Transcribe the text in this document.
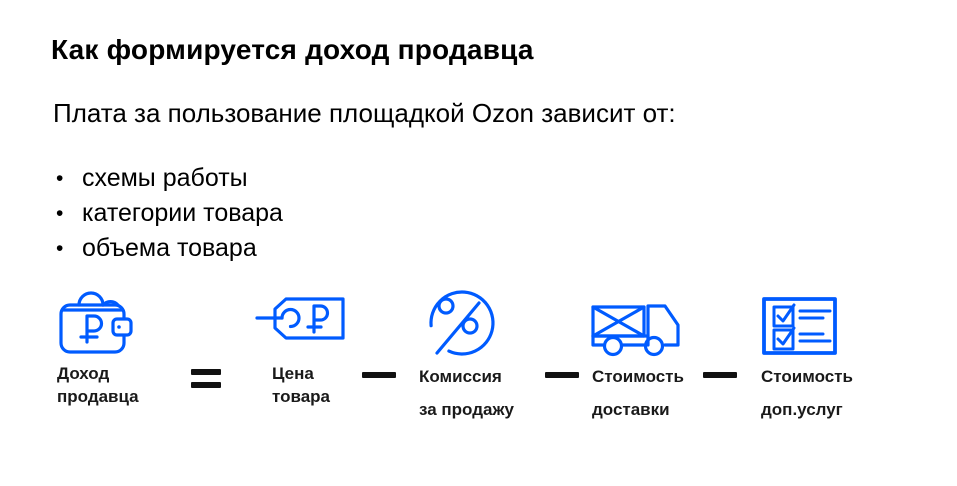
Как формируется доход продавца
Плата за пользование площадкой Ozon зависит от:
• схемы работы
• категории товара
• объема товара
Доход
продавца
Цена
товара
Комиссия
за продажу
Стоимость
доставки
Стоимость
доп.услуг
